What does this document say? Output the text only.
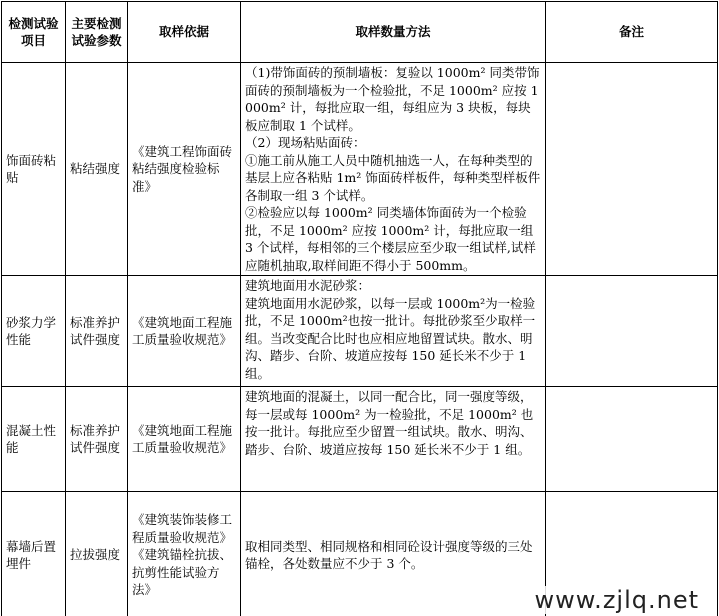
检测试验项目	主要检测试验参数	取样依据	取样数量方法	备注
饰面砖粘贴	粘结强度	《建筑工程饰面砖粘结强度检验标准》	（1)带饰面砖的预制墙板：复验以 1000m² 同类带饰面砖的预制墙板为一个检验批，不足 1000m² 应按 1000m² 计，每批应取一组，每组应为 3 块板，每块板应制取 1 个试样。
（2）现场粘贴面砖：
①施工前从施工人员中随机抽选一人，在每种类型的基层上应各粘贴 1m² 饰面砖样板件，每种类型样板件各制取一组 3 个试样。
②检验应以每 1000m² 同类墙体饰面砖为一个检验批，不足 1000m² 应按 1000m² 计，每批应取一组 3 个试样，每相邻的三个楼层应至少取一组试样,试样应随机抽取,取样间距不得小于 500mm。	

砂浆力学性能	标准养护试件强度	《建筑地面工程施工质量验收规范》	建筑地面用水泥砂浆：
建筑地面用水泥砂浆，以每一层或 1000m²为一检验批，不足 1000m²也按一批计。每批砂浆至少取样一组。当改变配合比时也应相应地留置试块。散水、明沟、踏步、台阶、坡道应按每 150 延长米不少于 1 组。	

混凝土性能	标准养护试件强度	《建筑地面工程施工质量验收规范》	建筑地面的混凝土，以同一配合比，同一强度等级，每一层或每 1000m² 为一检验批，不足 1000m² 也按一批计。每批应至少留置一组试块。散水、明沟、踏步、台阶、坡道应按每 150 延长米不少于 1 组。	

幕墙后置埋件	拉拔强度	《建筑装饰装修工程质量验收规范》《建筑锚栓抗拔、抗剪性能试验方法》	取相同类型、相同规格和相同砼设计强度等级的三处锚栓，各处数量应不少于 3 个。	

www.zjlq.net
